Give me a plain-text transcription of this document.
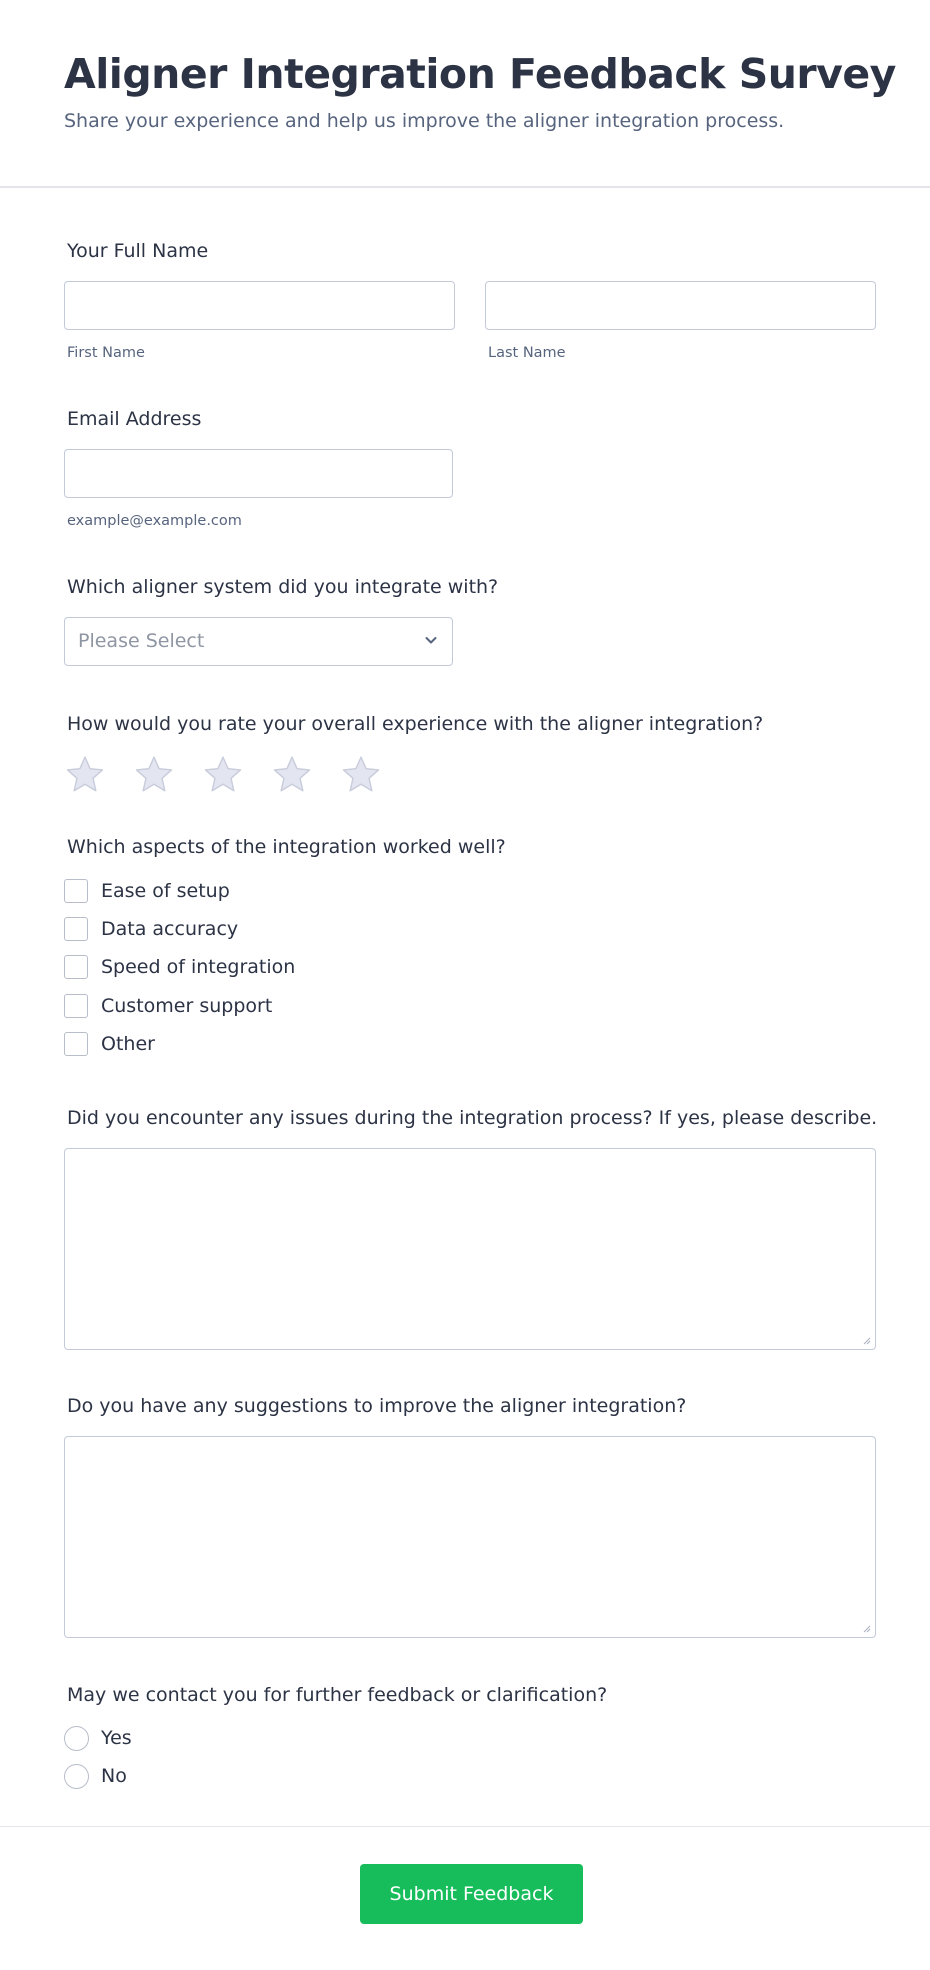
Aligner Integration Feedback Survey
Share your experience and help us improve the aligner integration process.
Your Full Name
First Name	Last Name
Email Address
example@example.com
Which aligner system did you integrate with?
Please Select
How would you rate your overall experience with the aligner integration?
Which aspects of the integration worked well?
Ease of setup
Data accuracy
Speed of integration
Customer support
Other
Did you encounter any issues during the integration process? If yes, please describe.
Do you have any suggestions to improve the aligner integration?
May we contact you for further feedback or clarification?
Yes
No
Submit Feedback
